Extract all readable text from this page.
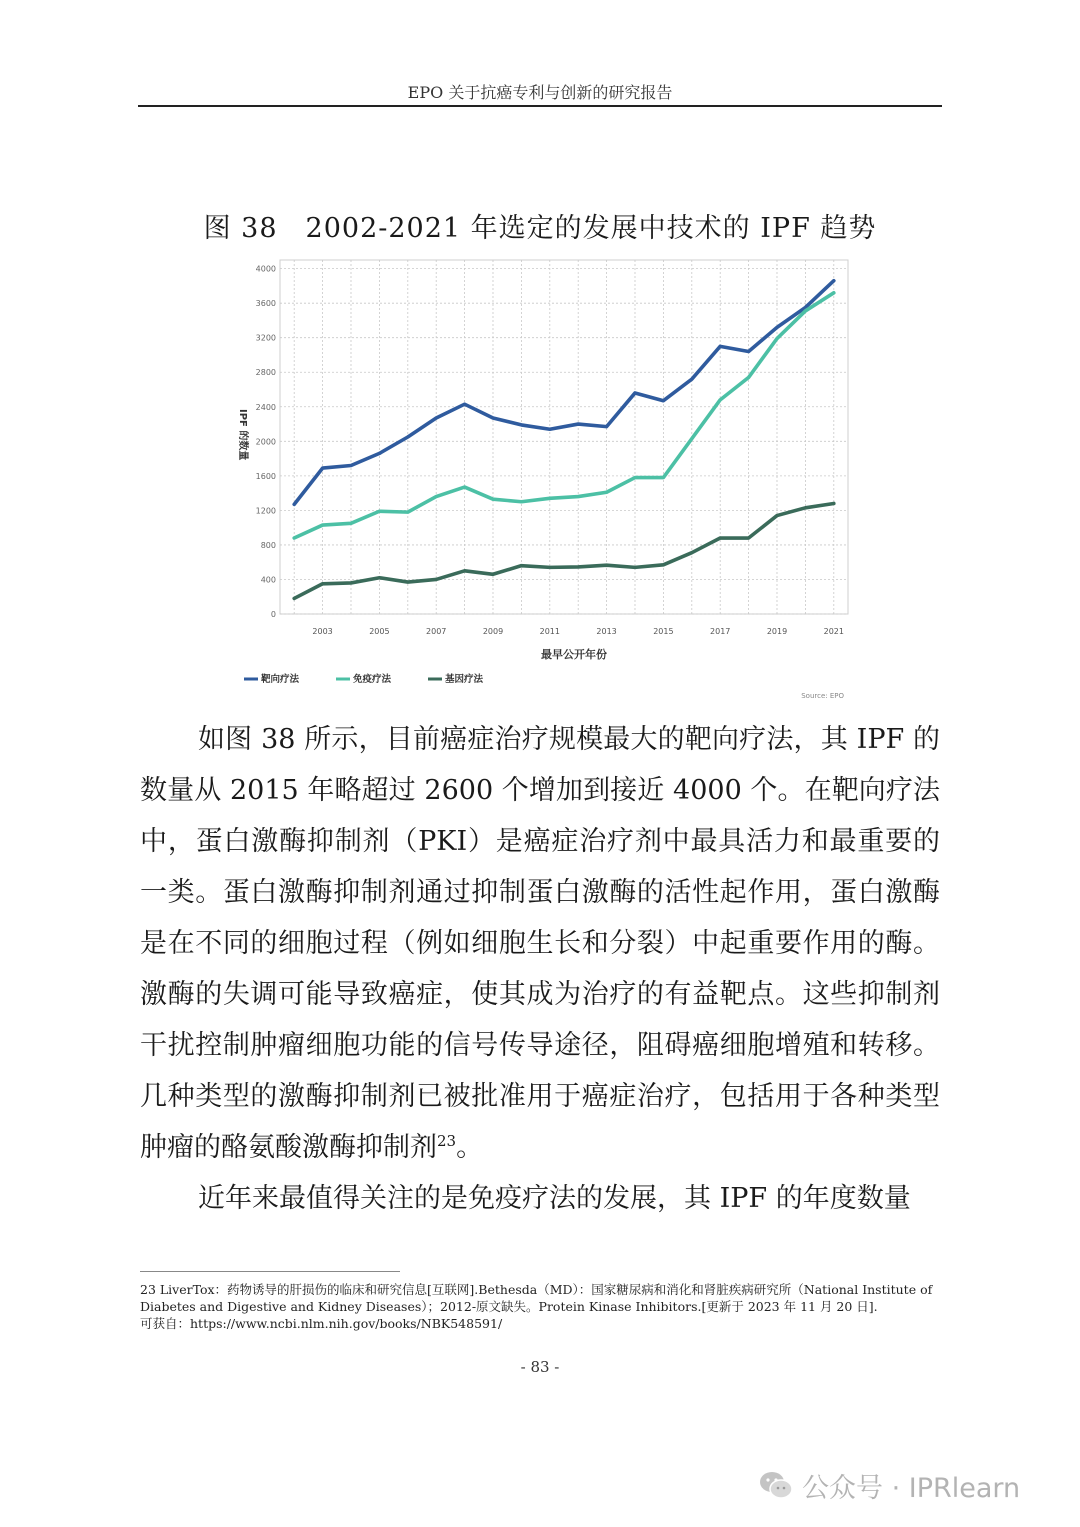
EPO 关于抗癌专利与创新的研究报告
图 38　2002-2021 年选定的发展中技术的 IPF 趋势
0
400
800
1200
1600
2000
2400
2800
3200
3600
4000
2003	2005	2007	2009	2011	2013	2015	2017	2019	2021
IPF 的数量
最早公开年份
靶向疗法	免疫疗法	基因疗法
Source: EPO

如图 38 所示，目前癌症治疗规模最大的靶向疗法，其 IPF 的数量从 2015 年略超过 2600 个增加到接近 4000 个。在靶向疗法中，蛋白激酶抑制剂（PKI）是癌症治疗剂中最具活力和最重要的一类。蛋白激酶抑制剂通过抑制蛋白激酶的活性起作用，蛋白激酶是在不同的细胞过程（例如细胞生长和分裂）中起重要作用的酶。激酶的失调可能导致癌症，使其成为治疗的有益靶点。这些抑制剂干扰控制肿瘤细胞功能的信号传导途径，阻碍癌细胞增殖和转移。几种类型的激酶抑制剂已被批准用于癌症治疗，包括用于各种类型肿瘤的酪氨酸激酶抑制剂$^{23}$。

近年来最值得关注的是免疫疗法的发展，其 IPF 的年度数量

23 LiverTox：药物诱导的肝损伤的临床和研究信息[互联网].Bethesda（MD）：国家糖尿病和消化和肾脏疾病研究所（National Institute of Diabetes and Digestive and Kidney Diseases）；2012-原文缺失。Protein Kinase Inhibitors.[更新于 2023 年 11 月 20 日].

可获自：https://www.ncbi.nlm.nih.gov/books/NBK548591/

- 83 -
公众号 · IPRlearn
